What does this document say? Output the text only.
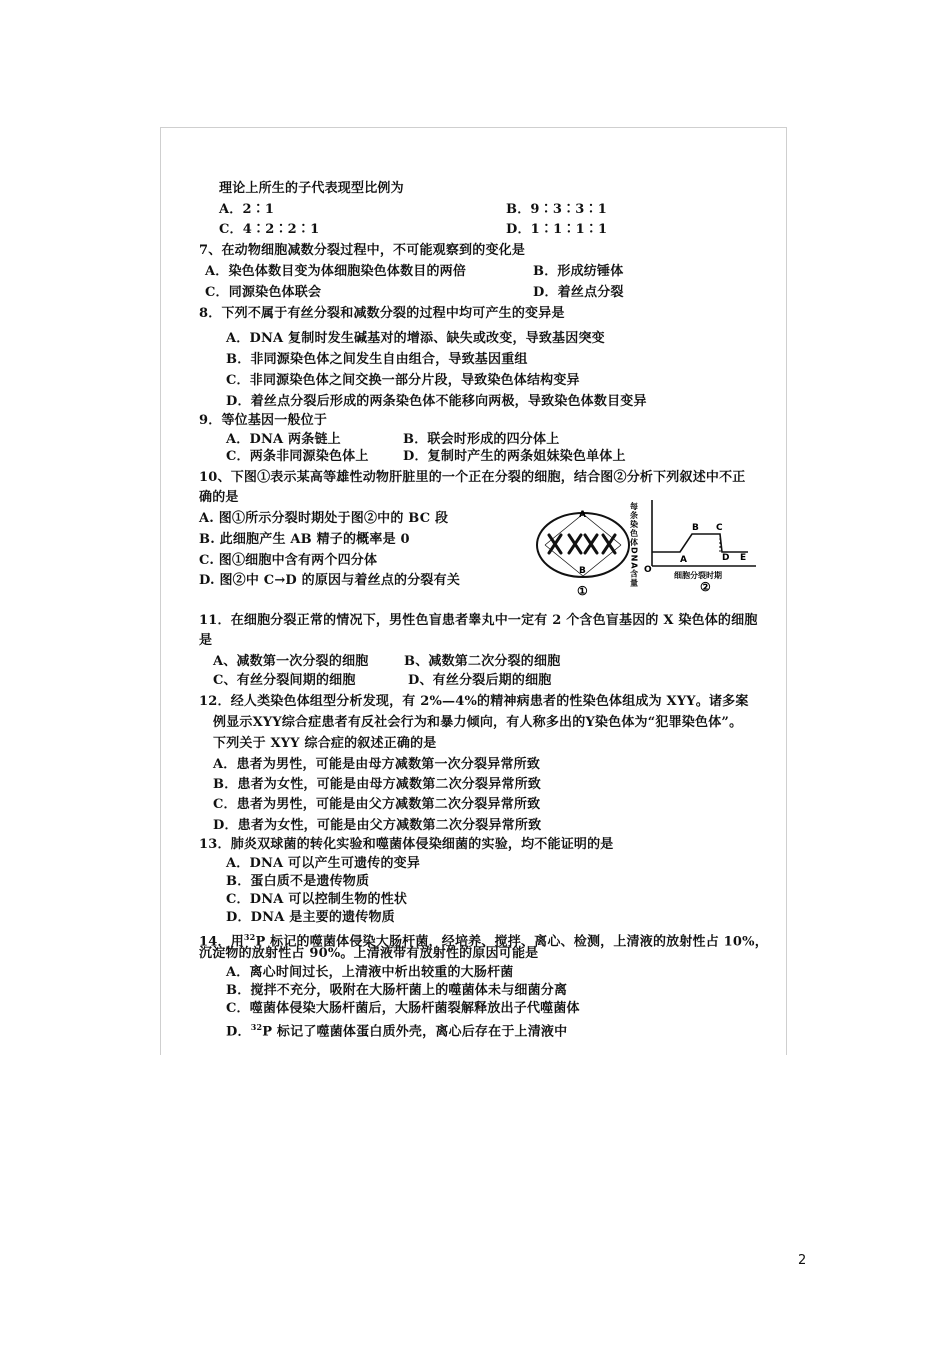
理论上所生的子代表现型比例为
A．2∶1	B．9∶3∶3∶1
C．4∶2∶2∶1	D．1∶1∶1∶1
7、在动物细胞减数分裂过程中，不可能观察到的变化是
A．染色体数目变为体细胞染色体数目的两倍	B．形成纺锤体
C．同源染色体联会	D．着丝点分裂
8．下列不属于有丝分裂和减数分裂的过程中均可产生的变异是
A．DNA 复制时发生碱基对的增添、缺失或改变，导致基因突变
B．非同源染色体之间发生自由组合，导致基因重组
C．非同源染色体之间交换一部分片段，导致染色体结构变异
D．着丝点分裂后形成的两条染色体不能移向两极，导致染色体数目变异
9．等位基因一般位于
A．DNA 两条链上	B．联会时形成的四分体上
C．两条非同源染色体上	D．复制时产生的两条姐妹染色单体上
10、下图①表示某高等雄性动物肝脏里的一个正在分裂的细胞，结合图②分析下列叙述中不正
确的是
A. 图①所示分裂时期处于图②中的 BC 段
B. 此细胞产生 AB 精子的概率是 0
C. 图①细胞中含有两个四分体
D. 图②中 C→D 的原因与着丝点的分裂有关
A
B
①
每条染色体DNA含量 O
A
B C
D E
细胞分裂时期
②
11．在细胞分裂正常的情况下，男性色盲患者睾丸中一定有 2 个含色盲基因的 X 染色体的细胞
是
A、减数第一次分裂的细胞	B、减数第二次分裂的细胞
C、有丝分裂间期的细胞	D、有丝分裂后期的细胞
12．经人类染色体组型分析发现，有 2%—4%的精神病患者的性染色体组成为 XYY。诸多案
例显示XYY综合症患者有反社会行为和暴力倾向，有人称多出的Y染色体为“犯罪染色体”。
下列关于 XYY 综合症的叙述正确的是
A．患者为男性，可能是由母方减数第一次分裂异常所致
B．患者为女性，可能是由母方减数第二次分裂异常所致
C．患者为男性，可能是由父方减数第二次分裂异常所致
D．患者为女性，可能是由父方减数第二次分裂异常所致
13．肺炎双球菌的转化实验和噬菌体侵染细菌的实验，均不能证明的是
A．DNA 可以产生可遗传的变异
B．蛋白质不是遗传物质
C．DNA 可以控制生物的性状
D．DNA 是主要的遗传物质
14．用$^{32}$P 标记的噬菌体侵染大肠杆菌，经培养、搅拌、离心、检测，上清液的放射性占 10%，
沉淀物的放射性占 90%。上清液带有放射性的原因可能是
A．离心时间过长，上清液中析出较重的大肠杆菌
B．搅拌不充分，吸附在大肠杆菌上的噬菌体未与细菌分离
C．噬菌体侵染大肠杆菌后，大肠杆菌裂解释放出子代噬菌体
D．$^{32}$P 标记了噬菌体蛋白质外壳，离心后存在于上清液中
2
